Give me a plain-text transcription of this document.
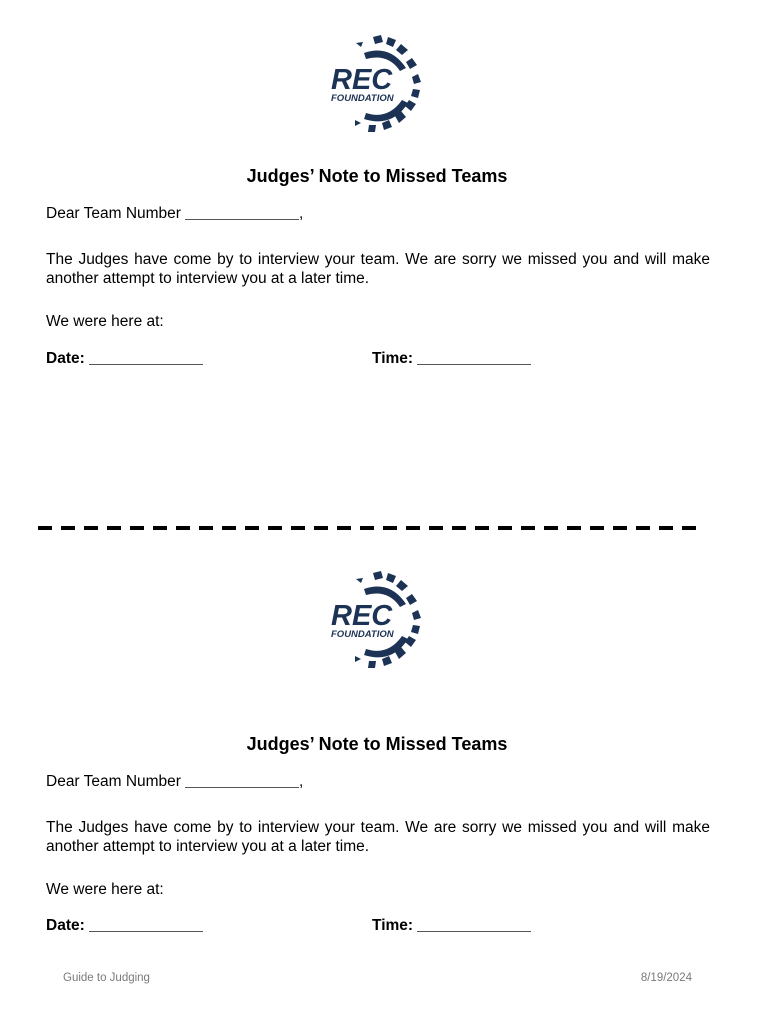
REC
FOUNDATION
Judges’ Note to Missed Teams
Dear Team Number	,
The Judges have come by to interview your team. We are sorry we missed you and will make another attempt to interview you at a later time.
We were here at:
Date:	Time:
REC
FOUNDATION
Judges’ Note to Missed Teams
Dear Team Number	,
The Judges have come by to interview your team. We are sorry we missed you and will make another attempt to interview you at a later time.
We were here at:
Date:	Time:
Guide to Judging	8/19/2024
